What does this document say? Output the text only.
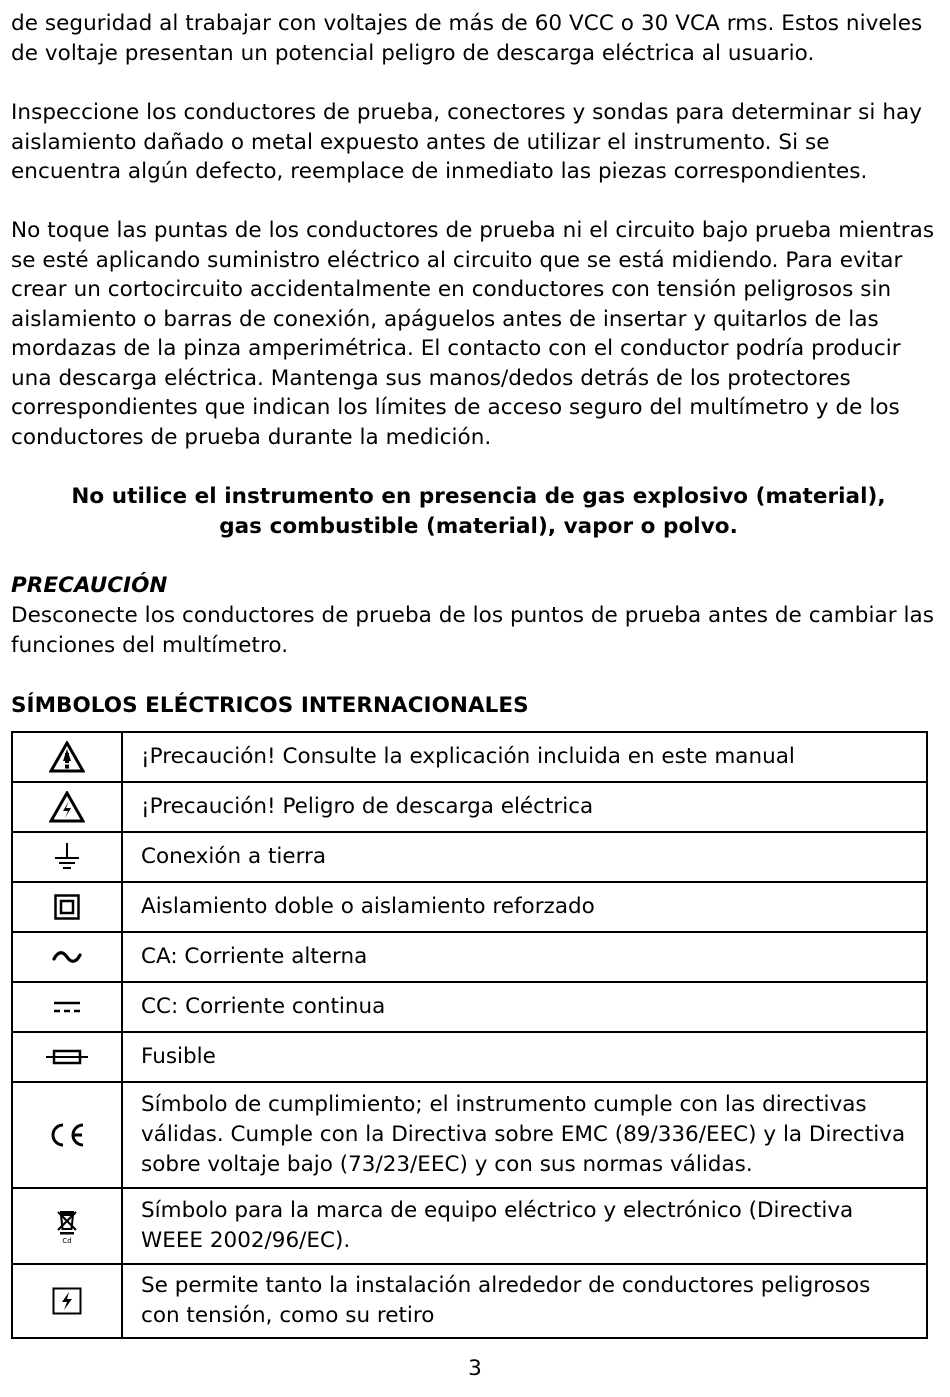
de seguridad al trabajar con voltajes de más de 60 VCC o 30 VCA rms. Estos niveles de voltaje presentan un potencial peligro de descarga eléctrica al usuario.

Inspeccione los conductores de prueba, conectores y sondas para determinar si hay aislamiento dañado o metal expuesto antes de utilizar el instrumento. Si se encuentra algún defecto, reemplace de inmediato las piezas correspondientes.

No toque las puntas de los conductores de prueba ni el circuito bajo prueba mientras se esté aplicando suministro eléctrico al circuito que se está midiendo. Para evitar crear un cortocircuito accidentalmente en conductores con tensión peligrosos sin aislamiento o barras de conexión, apáguelos antes de insertar y quitarlos de las mordazas de la pinza amperimétrica. El contacto con el conductor podría producir una descarga eléctrica. Mantenga sus manos/dedos detrás de los protectores correspondientes que indican los límites de acceso seguro del multímetro y de los conductores de prueba durante la medición.

No utilice el instrumento en presencia de gas explosivo (material),
gas combustible (material), vapor o polvo.

PRECAUCIÓN

Desconecte los conductores de prueba de los puntos de prueba antes de cambiar las funciones del multímetro.

SÍMBOLOS ELÉCTRICOS INTERNACIONALES

	¡Precaución! Consulte la explicación incluida en este manual

	¡Precaución! Peligro de descarga eléctrica

	Conexión a tierra

	Aislamiento doble o aislamiento reforzado

	CA: Corriente alterna

	CC: Corriente continua

	Fusible

	Símbolo de cumplimiento; el instrumento cumple con las directivas válidas. Cumple con la Directiva sobre EMC (89/336/EEC) y la Directiva sobre voltaje bajo (73/23/EEC) y con sus normas válidas.

Cd	Símbolo para la marca de equipo eléctrico y electrónico (Directiva WEEE 2002/96/EC).

	Se permite tanto la instalación alrededor de conductores peligrosos con tensión, como su retiro
3
